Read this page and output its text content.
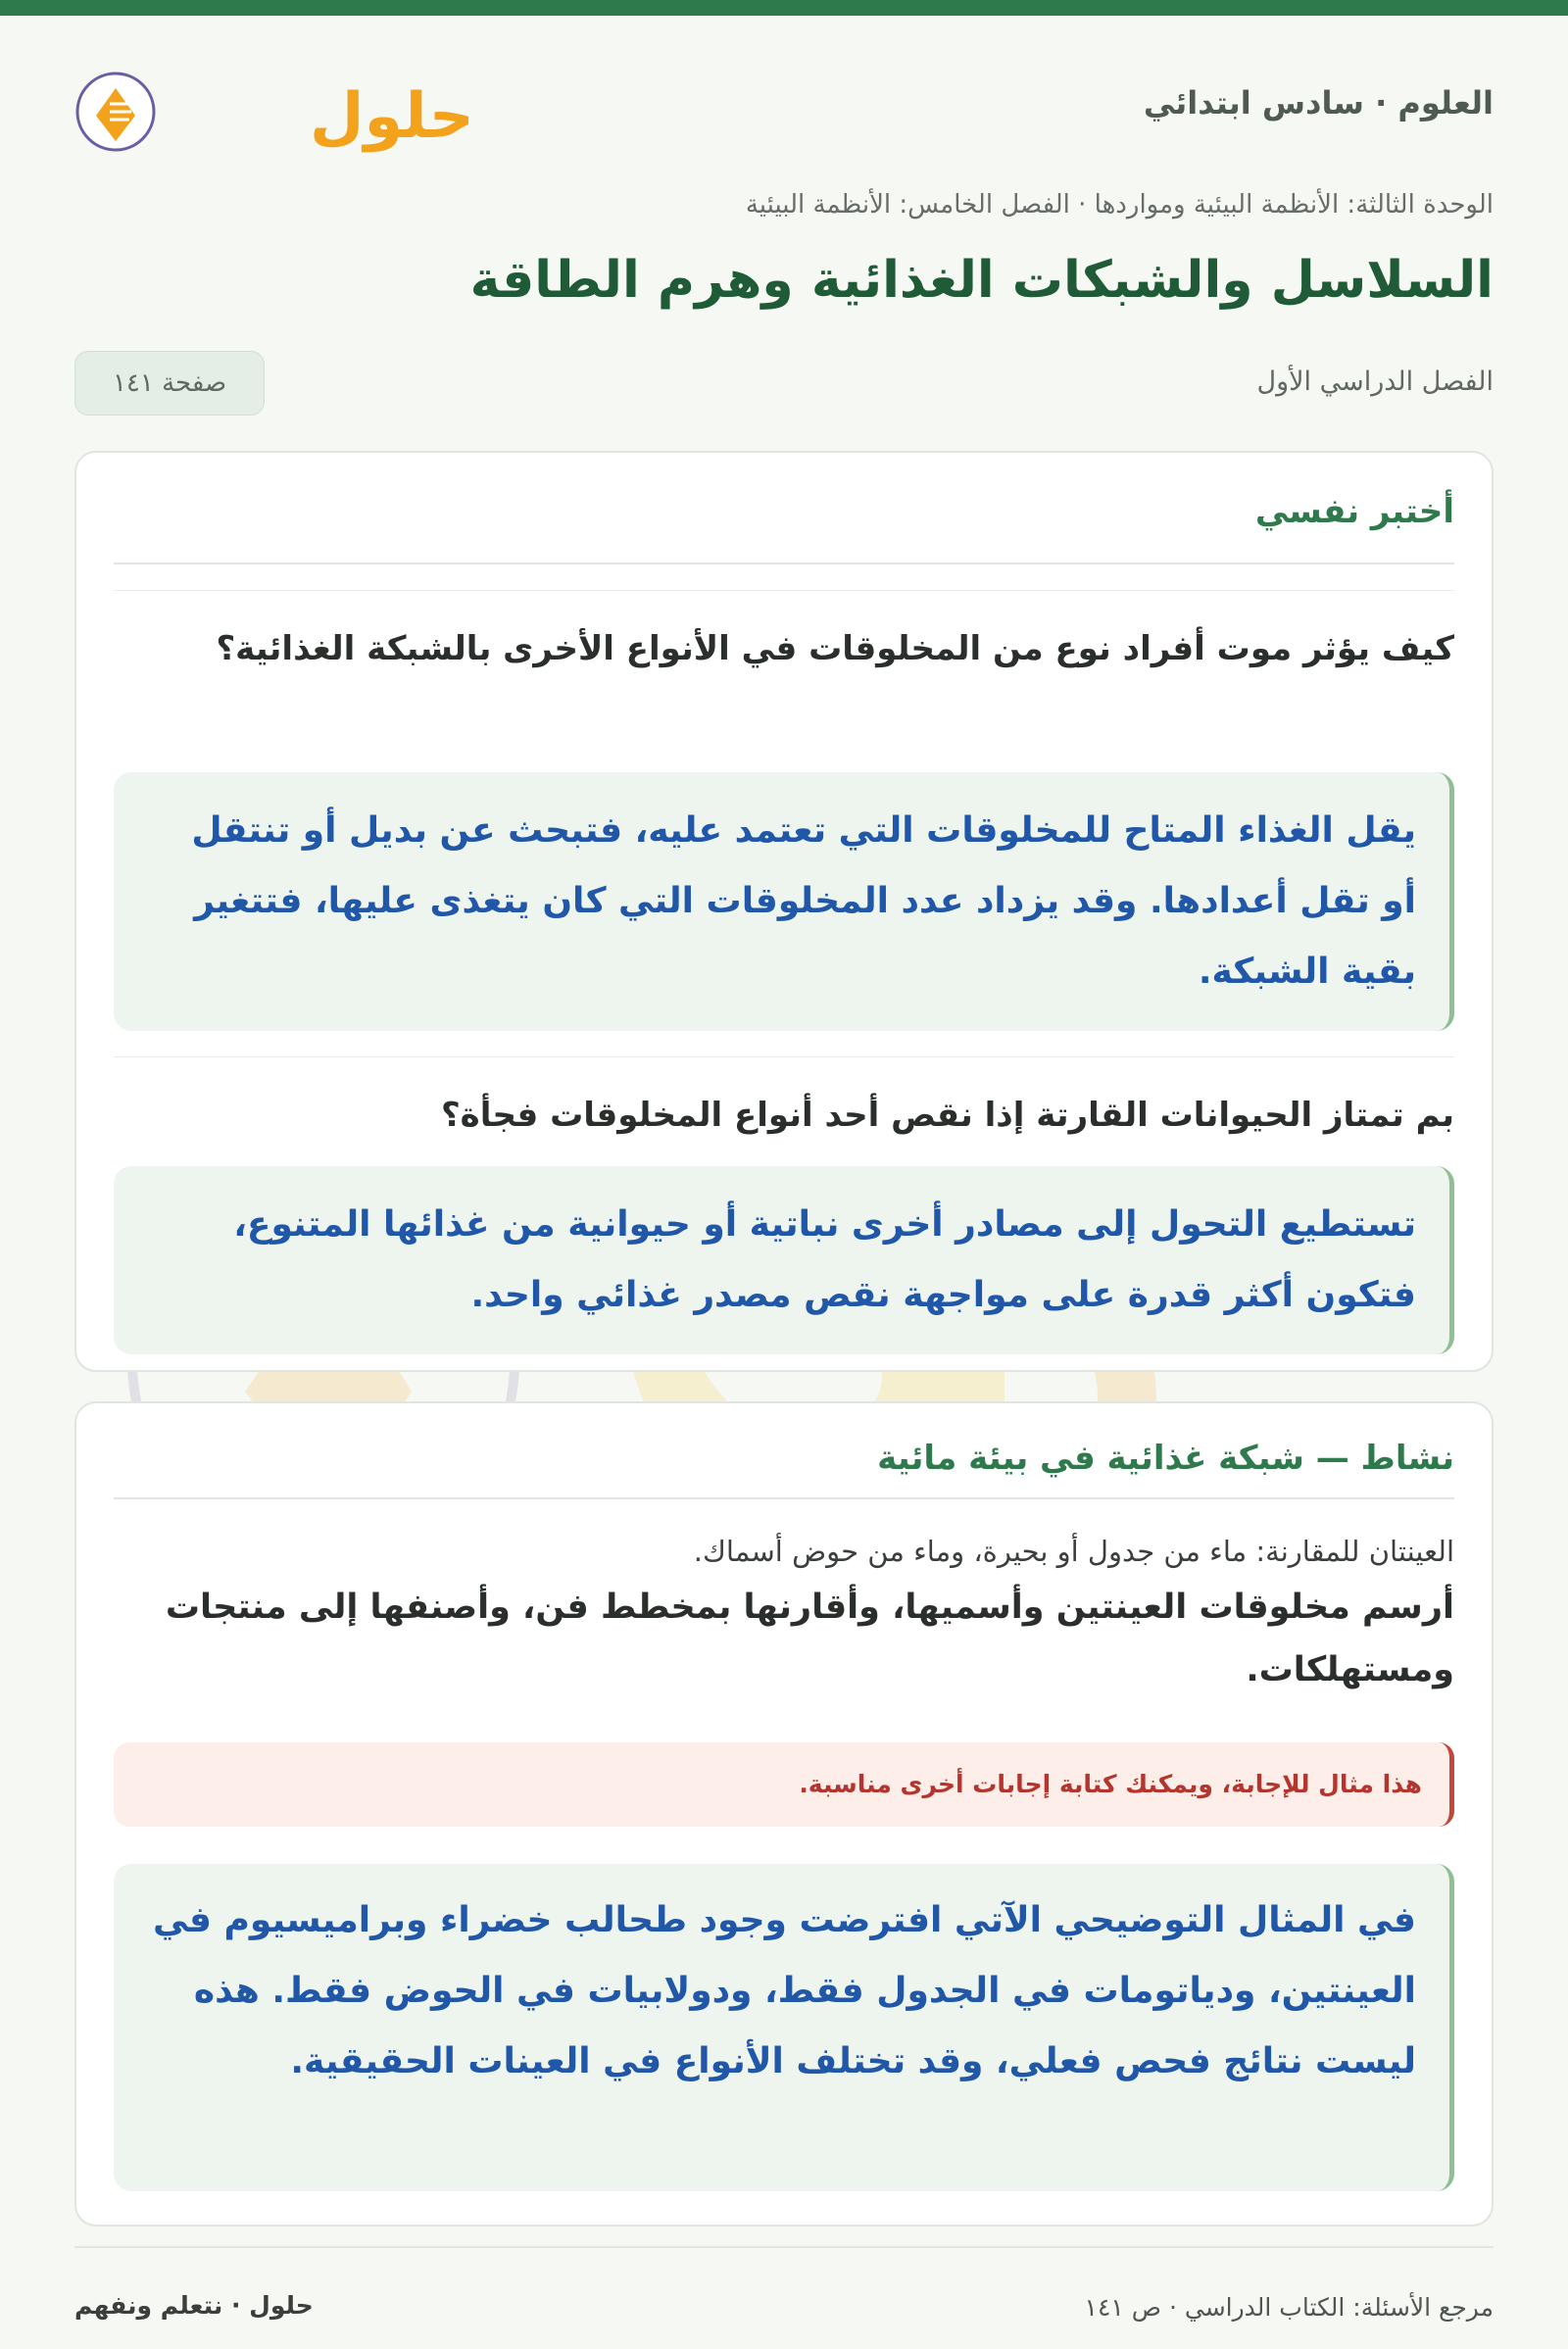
حلول	العلوم · سادس ابتدائي
الوحدة الثالثة: الأنظمة البيئية ومواردها · الفصل الخامس: الأنظمة البيئية
السلاسل والشبكات الغذائية وهرم الطاقة
الفصل الدراسي الأول
صفحة ١٤١
أختبر نفسي
كيف يؤثر موت أفراد نوع من المخلوقات في الأنواع الأخرى بالشبكة الغذائية؟
يقل الغذاء المتاح للمخلوقات التي تعتمد عليه، فتبحث عن بديل أو تنتقل أو تقل أعدادها. وقد يزداد عدد المخلوقات التي كان يتغذى عليها، فتتغير بقية الشبكة.
بم تمتاز الحيوانات القارتة إذا نقص أحد أنواع المخلوقات فجأة؟
تستطيع التحول إلى مصادر أخرى نباتية أو حيوانية من غذائها المتنوع، فتكون أكثر قدرة على مواجهة نقص مصدر غذائي واحد.
نشاط — شبكة غذائية في بيئة مائية
العينتان للمقارنة: ماء من جدول أو بحيرة، وماء من حوض أسماك.
أرسم مخلوقات العينتين وأسميها، وأقارنها بمخطط فن، وأصنفها إلى منتجات ومستهلكات.
هذا مثال للإجابة، ويمكنك كتابة إجابات أخرى مناسبة.
في المثال التوضيحي الآتي افترضت وجود طحالب خضراء وبراميسيوم في العينتين، ودياتومات في الجدول فقط، ودولابيات في الحوض فقط. هذه ليست نتائج فحص فعلي، وقد تختلف الأنواع في العينات الحقيقية.
حلول · نتعلم ونفهم	مرجع الأسئلة: الكتاب الدراسي · ص ١٤١
